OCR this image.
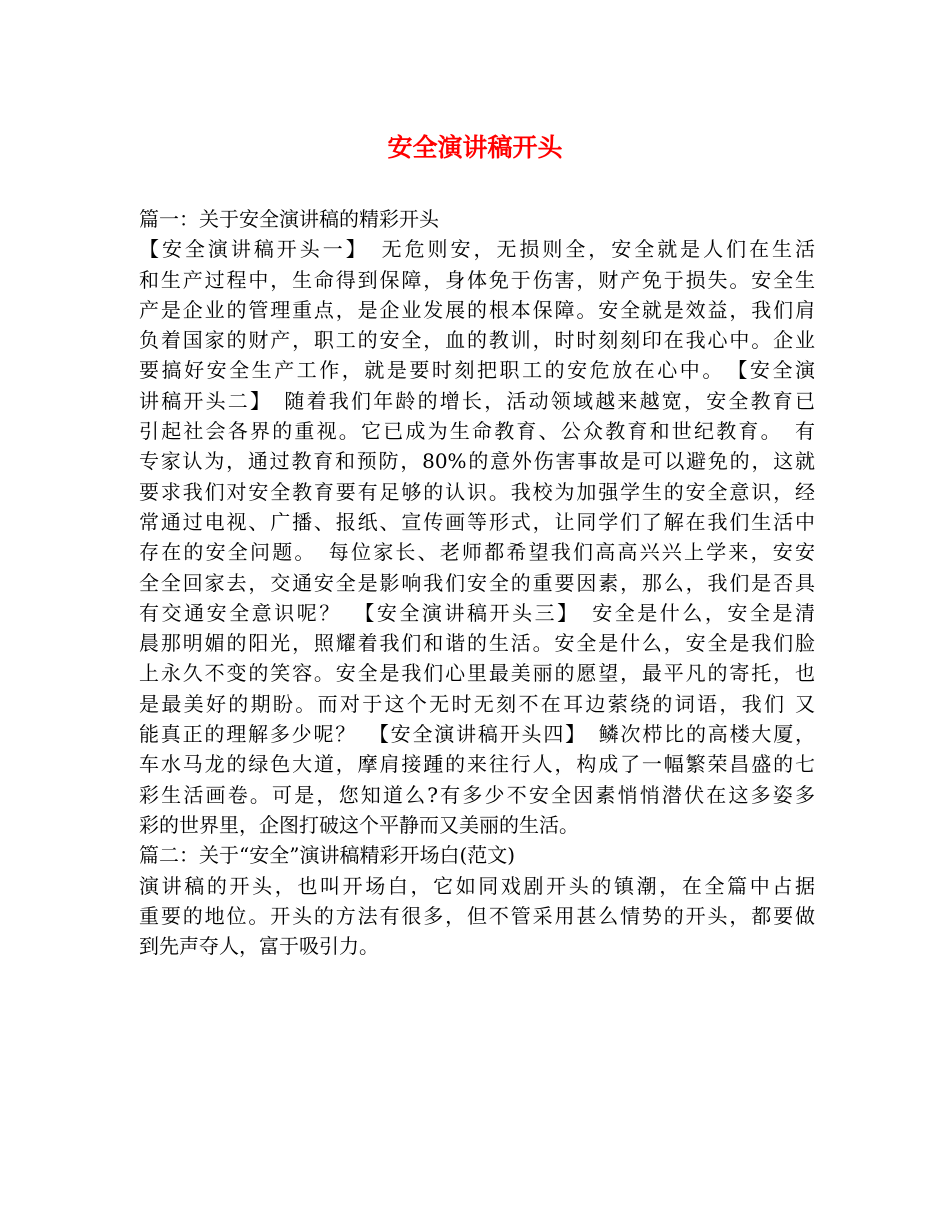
安全演讲稿开头
篇一：关于安全演讲稿的精彩开头
【安全演讲稿开头一】　无危则安，无损则全，安全就是人们在生活
和生产过程中，生命得到保障，身体免于伤害，财产免于损失。安全生
产是企业的管理重点，是企业发展的根本保障。安全就是效益，我们肩
负着国家的财产，职工的安全，血的教训，时时刻刻印在我心中。企业
要搞好安全生产工作，就是要时刻把职工的安危放在心中。　【安全演
讲稿开头二】　随着我们年龄的增长，活动领域越来越宽，安全教育已
引起社会各界的重视。它已成为生命教育、公众教育和世纪教育。　有
专家认为，通过教育和预防，80%的意外伤害事故是可以避免的，这就
要求我们对安全教育要有足够的认识。我校为加强学生的安全意识，经
常通过电视、广播、报纸、宣传画等形式，让同学们了解在我们生活中
存在的安全问题。　每位家长、老师都希望我们高高兴兴上学来，安安
全全回家去，交通安全是影响我们安全的重要因素，那么，我们是否具
有交通安全意识呢？　【安全演讲稿开头三】　安全是什么，安全是清
晨那明媚的阳光，照耀着我们和谐的生活。安全是什么，安全是我们脸
上永久不变的笑容。安全是我们心里最美丽的愿望，最平凡的寄托，也
是最美好的期盼。而对于这个无时无刻不在耳边萦绕的词语，我们 又
能真正的理解多少呢？　【安全演讲稿开头四】　鳞次栉比的高楼大厦，
车水马龙的绿色大道，摩肩接踵的来往行人，构成了一幅繁荣昌盛的七
彩生活画卷。可是，您知道么?有多少不安全因素悄悄潜伏在这多姿多
彩的世界里，企图打破这个平静而又美丽的生活。
篇二：关于“安全”演讲稿精彩开场白(范文)
演讲稿的开头，也叫开场白，它如同戏剧开头的镇潮，在全篇中占据
重要的地位。开头的方法有很多，但不管采用甚么情势的开头，都要做
到先声夺人，富于吸引力。
